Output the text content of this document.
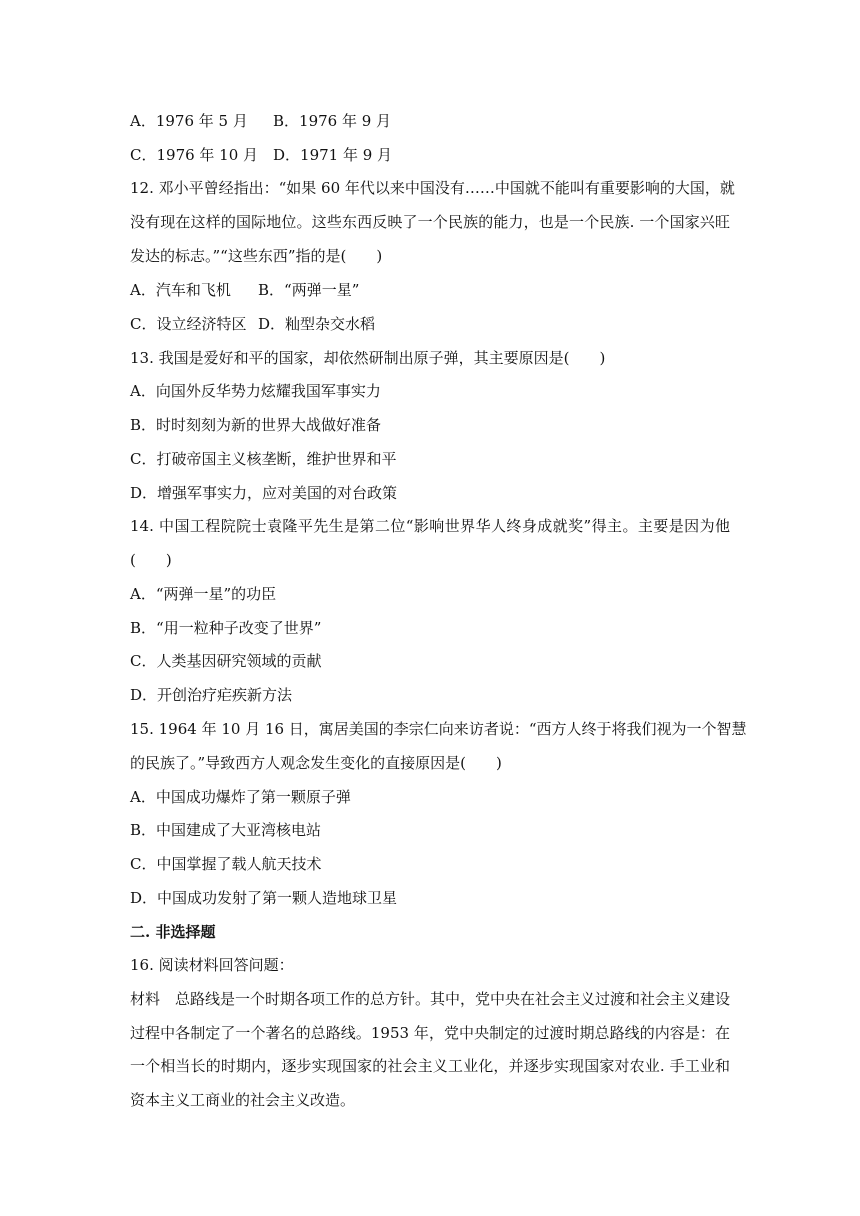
A．1976 年 5 月 B．1976 年 9 月
C．1976 年 10 月 D．1971 年 9 月
12. 邓小平曾经指出：“如果 60 年代以来中国没有……中国就不能叫有重要影响的大国，就
没有现在这样的国际地位。这些东西反映了一个民族的能力，也是一个民族. 一个国家兴旺
发达的标志。”“这些东西”指的是(　　)
A．汽车和飞机 B．“两弹一星”
C．设立经济特区 D．籼型杂交水稻
13. 我国是爱好和平的国家，却依然研制出原子弹，其主要原因是(　　)
A．向国外反华势力炫耀我国军事实力
B．时时刻刻为新的世界大战做好准备
C．打破帝国主义核垄断，维护世界和平
D．增强军事实力，应对美国的对台政策
14. 中国工程院院士袁隆平先生是第二位“影响世界华人终身成就奖”得主。主要是因为他
(　　)
A．“两弹一星”的功臣
B．“用一粒种子改变了世界”
C．人类基因研究领域的贡献
D．开创治疗疟疾新方法
15. 1964 年 10 月 16 日，寓居美国的李宗仁向来访者说：“西方人终于将我们视为一个智慧
的民族了。”导致西方人观念发生变化的直接原因是(　　)
A．中国成功爆炸了第一颗原子弹
B．中国建成了大亚湾核电站
C．中国掌握了载人航天技术
D．中国成功发射了第一颗人造地球卫星
二. 非选择题
16. 阅读材料回答问题：
材料　总路线是一个时期各项工作的总方针。其中，党中央在社会主义过渡和社会主义建设
过程中各制定了一个著名的总路线。1953 年，党中央制定的过渡时期总路线的内容是：在
一个相当长的时期内，逐步实现国家的社会主义工业化，并逐步实现国家对农业. 手工业和
资本主义工商业的社会主义改造。
